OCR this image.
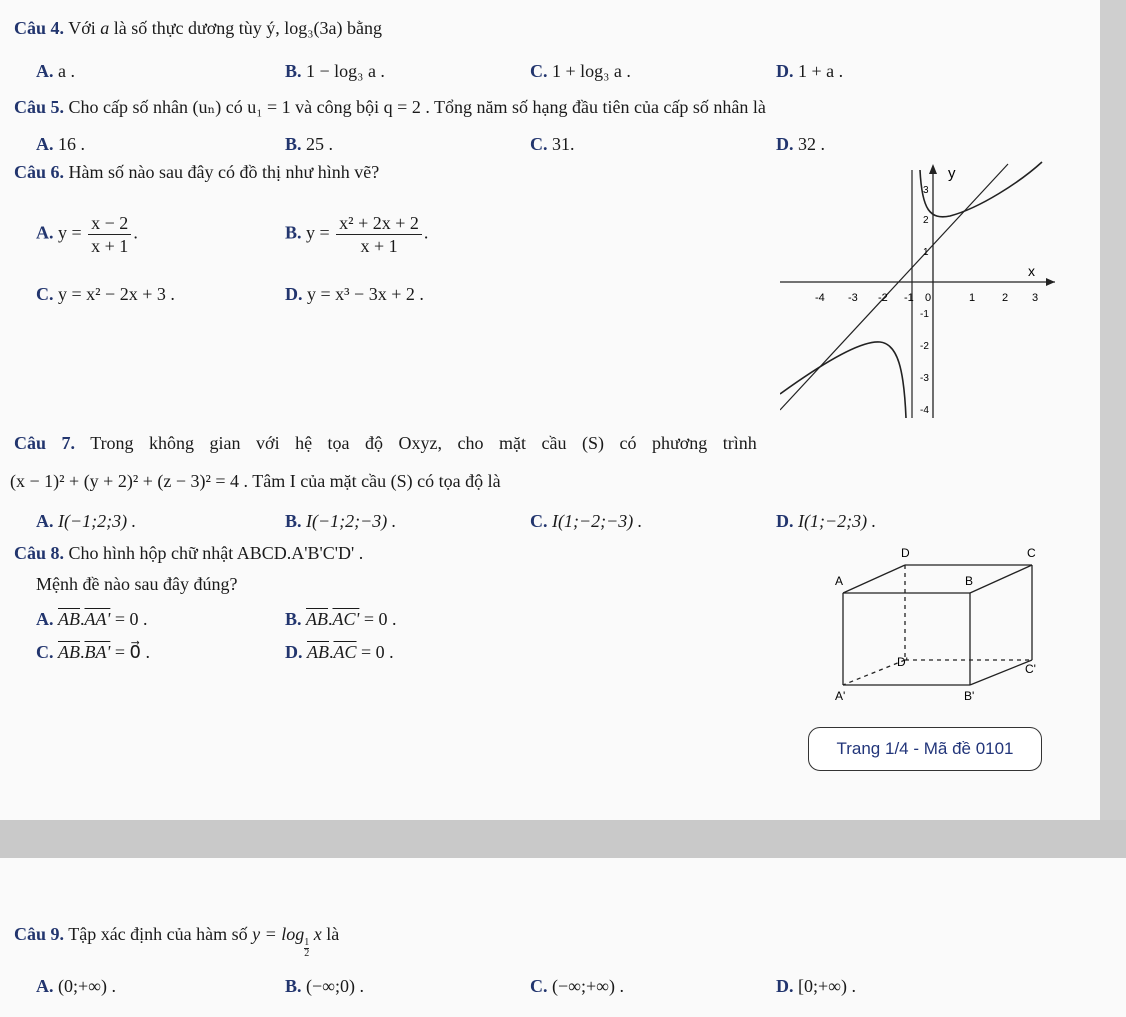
Câu 4. Với a là số thực dương tùy ý, log₃(3a) bằng
A. a .	B. 1 − log₃ a .	C. 1 + log₃ a .	D. 1 + a .
Câu 5. Cho cấp số nhân (uₙ) có u₁ = 1 và công bội q = 2 . Tổng năm số hạng đầu tiên của cấp số nhân là
A. 16 .	B. 25 .	C. 31.	D. 32 .
Câu 6. Hàm số nào sau đây có đồ thị như hình vẽ?
A. $y = \frac{x - 2}{x + 1}$ .	B. $y = \frac{\text{x² + 2x + 2}}{x + 1}$ .
C. y = x² − 2x + 3 .	D. y = x³ − 3x + 2 .
y
x
0
-4 -3 -2 -1	1 2 3
3
2
1
-1
-2
-3
-4
Câu 7. Trong không gian với hệ tọa độ Oxyz, cho mặt cầu (S) có phương trình
(x − 1)² + (y + 2)² + (z − 3)² = 4 . Tâm I của mặt cầu (S) có tọa độ là
A. I(−1;2;3) .	B. I(−1;2;−3) .	C. I(1;−2;−3) .	D. I(1;−2;3) .
Câu 8. Cho hình hộp chữ nhật ABCD.A'B'C'D' .
Mệnh đề nào sau đây đúng?
A. $\overline{AB}.AA' = 0$ .	B. $\overline{AB}.AC' = 0$ .
C. $\overline{AB}.BA'$ = 0⃗ .	D. $\overline{AB}.\overline{AC} = 0$ .
D	C
A	B
D'	C'
A'	B'
Trang 1/4 - Mã đề 0101
Câu 9. Tập xác định của hàm số y = log
$\frac{1}{2}$
x là
A. (0;+∞) .	B. (−∞;0) .	C. (−∞;+∞) .	D. [0;+∞) .
